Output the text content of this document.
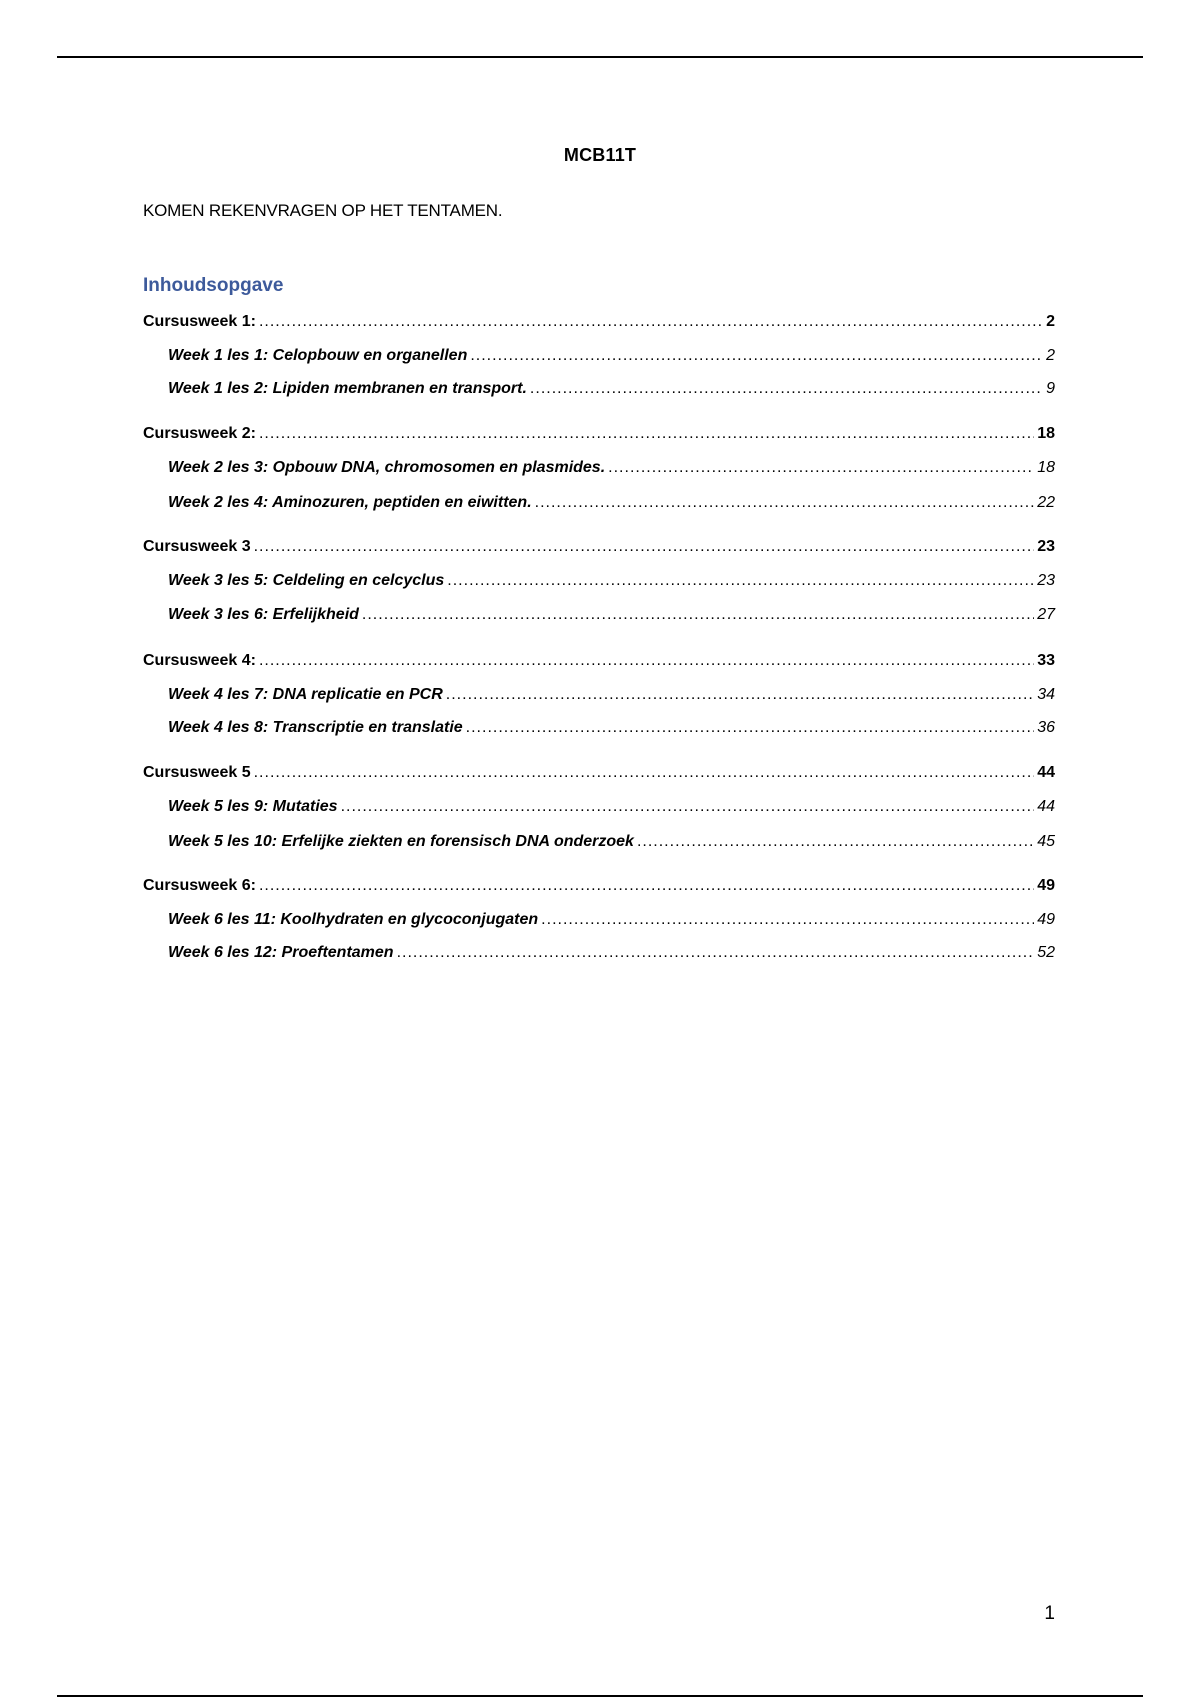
MCB11T
KOMEN REKENVRAGEN OP HET TENTAMEN.
Inhoudsopgave
Cursusweek 1: .....	2
Week 1 les 1: Celopbouw en organellen .....	2
Week 1 les 2: Lipiden membranen en transport. .....	9
Cursusweek 2: .....	18
Week 2 les 3: Opbouw DNA, chromosomen en plasmides. .....	18
Week 2 les 4: Aminozuren, peptiden en eiwitten. .....	22
Cursusweek 3 .....	23
Week 3 les 5: Celdeling en celcyclus .....	23
Week 3 les 6: Erfelijkheid .....	27
Cursusweek 4: .....	33
Week 4 les 7: DNA replicatie en PCR .....	34
Week 4 les 8: Transcriptie en translatie .....	36
Cursusweek 5 .....	44
Week 5 les 9: Mutaties .....	44
Week 5 les 10: Erfelijke ziekten en forensisch DNA onderzoek .....	45
Cursusweek 6: .....	49
Week 6 les 11: Koolhydraten en glycoconjugaten .....	49
Week 6 les 12: Proeftentamen .....	52
1
